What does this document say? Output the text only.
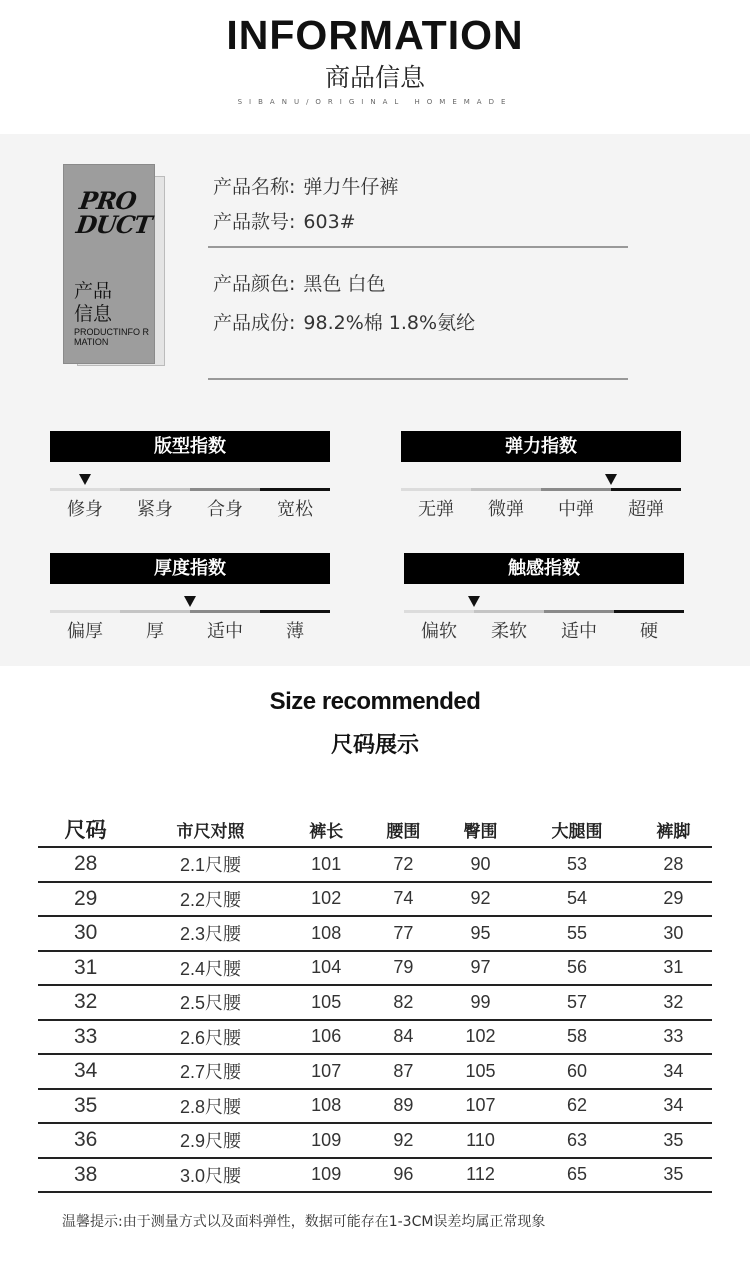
INFORMATION
商品信息
SIBANU/ORIGINAL HOMEMADE
PRO
DUCT
产品
信息
PRODUCTINFO RMATION
产品名称: 弹力牛仔裤
产品款号: 603#
产品颜色: 黑色 白色
产品成份: 98.2%棉 1.8%氨纶
版型指数
修身	紧身	合身	宽松
弹力指数
无弹	微弹	中弹	超弹
厚度指数
偏厚	厚	适中	薄
触感指数
偏软	柔软	适中	硬
Size recommended
尺码展示
尺码	市尺对照	裤长	腰围	臀围	大腿围	裤脚
28	2.1尺腰	101	72	90	53	28
29	2.2尺腰	102	74	92	54	29
30	2.3尺腰	108	77	95	55	30
31	2.4尺腰	104	79	97	56	31
32	2.5尺腰	105	82	99	57	32
33	2.6尺腰	106	84	102	58	33
34	2.7尺腰	107	87	105	60	34
35	2.8尺腰	108	89	107	62	34
36	2.9尺腰	109	92	110	63	35
38	3.0尺腰	109	96	112	65	35
温馨提示:由于测量方式以及面料弹性，数据可能存在1-3CM误差均属正常现象
